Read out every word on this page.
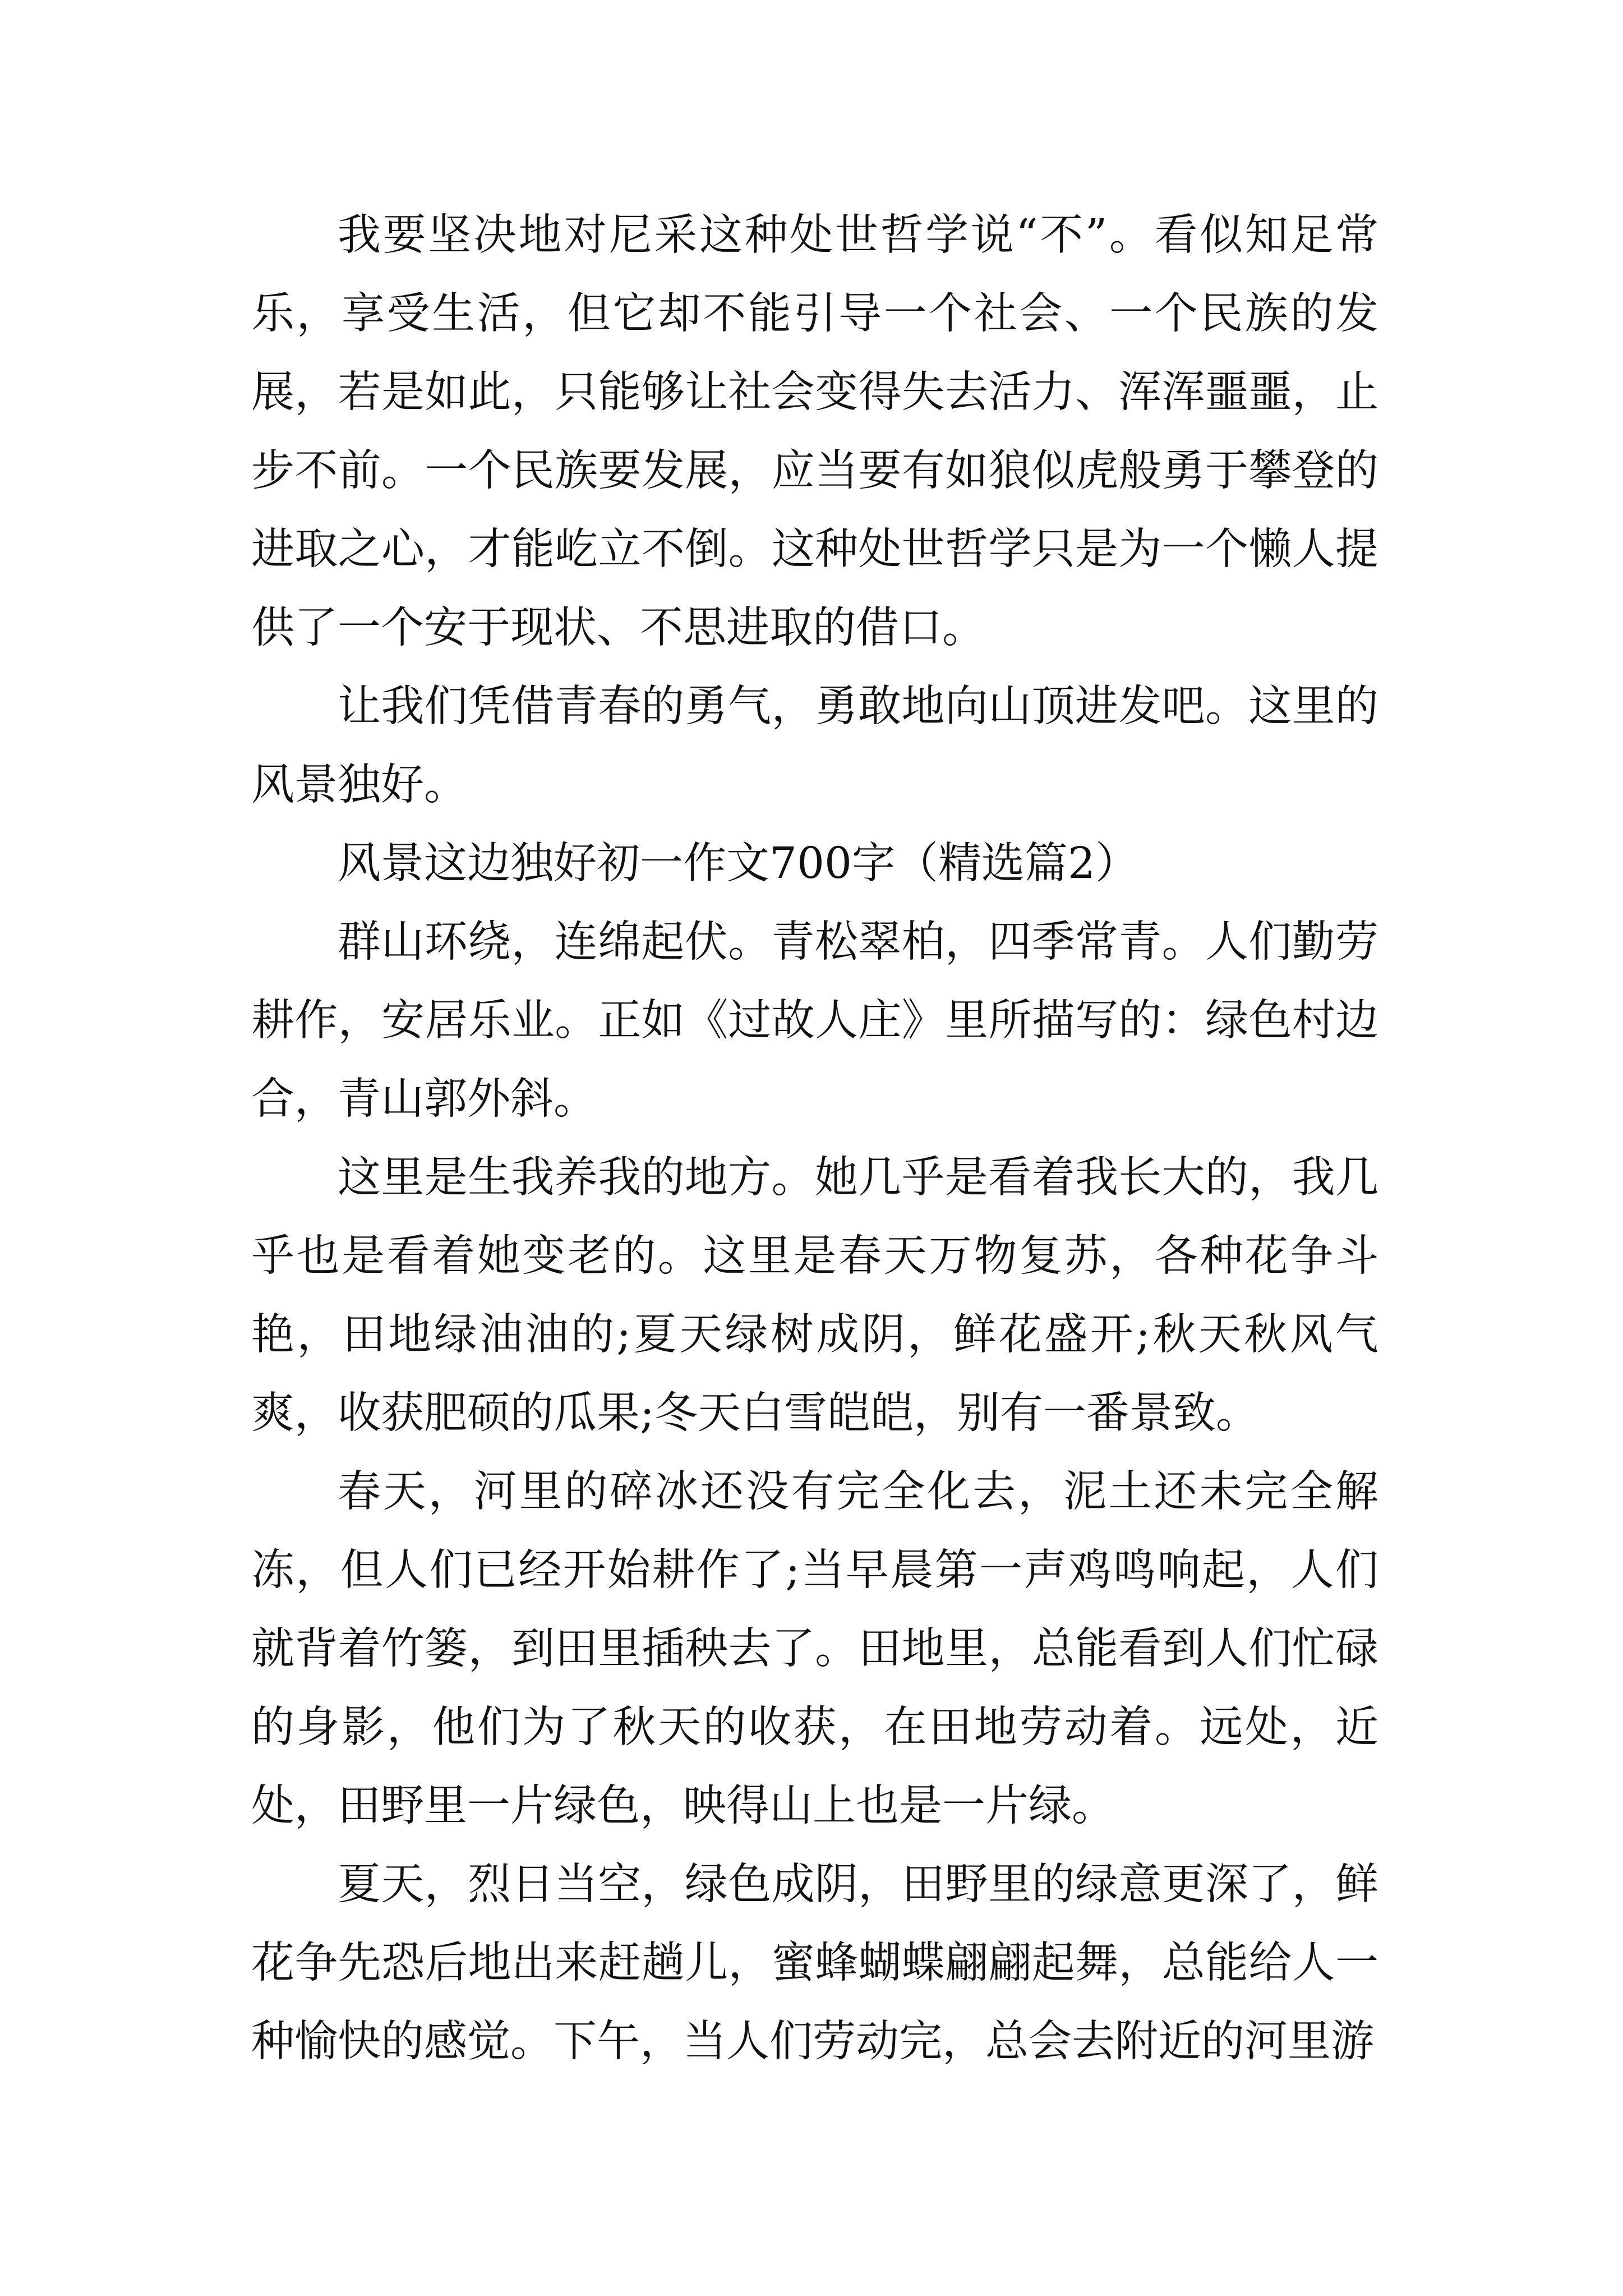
我要坚决地对尼采这种处世哲学说“不”。看似知足常乐，享受生活，但它却不能引导一个社会、一个民族的发展，若是如此，只能够让社会变得失去活力、浑浑噩噩，止步不前。一个民族要发展，应当要有如狼似虎般勇于攀登的进取之心，才能屹立不倒。这种处世哲学只是为一个懒人提供了一个安于现状、不思进取的借口。

让我们凭借青春的勇气，勇敢地向山顶进发吧。这里的风景独好。

风景这边独好初一作文700字（精选篇2）

群山环绕，连绵起伏。青松翠柏，四季常青。人们勤劳耕作，安居乐业。正如《过故人庄》里所描写的：绿色村边合，青山郭外斜。

这里是生我养我的地方。她几乎是看着我长大的，我几乎也是看着她变老的。这里是春天万物复苏，各种花争斗艳，田地绿油油的;夏天绿树成阴，鲜花盛开;秋天秋风气爽，收获肥硕的瓜果;冬天白雪皑皑，别有一番景致。

春天，河里的碎冰还没有完全化去，泥土还未完全解冻，但人们已经开始耕作了;当早晨第一声鸡鸣响起，人们就背着竹篓，到田里插秧去了。田地里，总能看到人们忙碌的身影，他们为了秋天的收获，在田地劳动着。远处，近处，田野里一片绿色，映得山上也是一片绿。

夏天，烈日当空，绿色成阴，田野里的绿意更深了，鲜花争先恐后地出来赶趟儿，蜜蜂蝴蝶翩翩起舞，总能给人一种愉快的感觉。下午，当人们劳动完，总会去附近的河里游
